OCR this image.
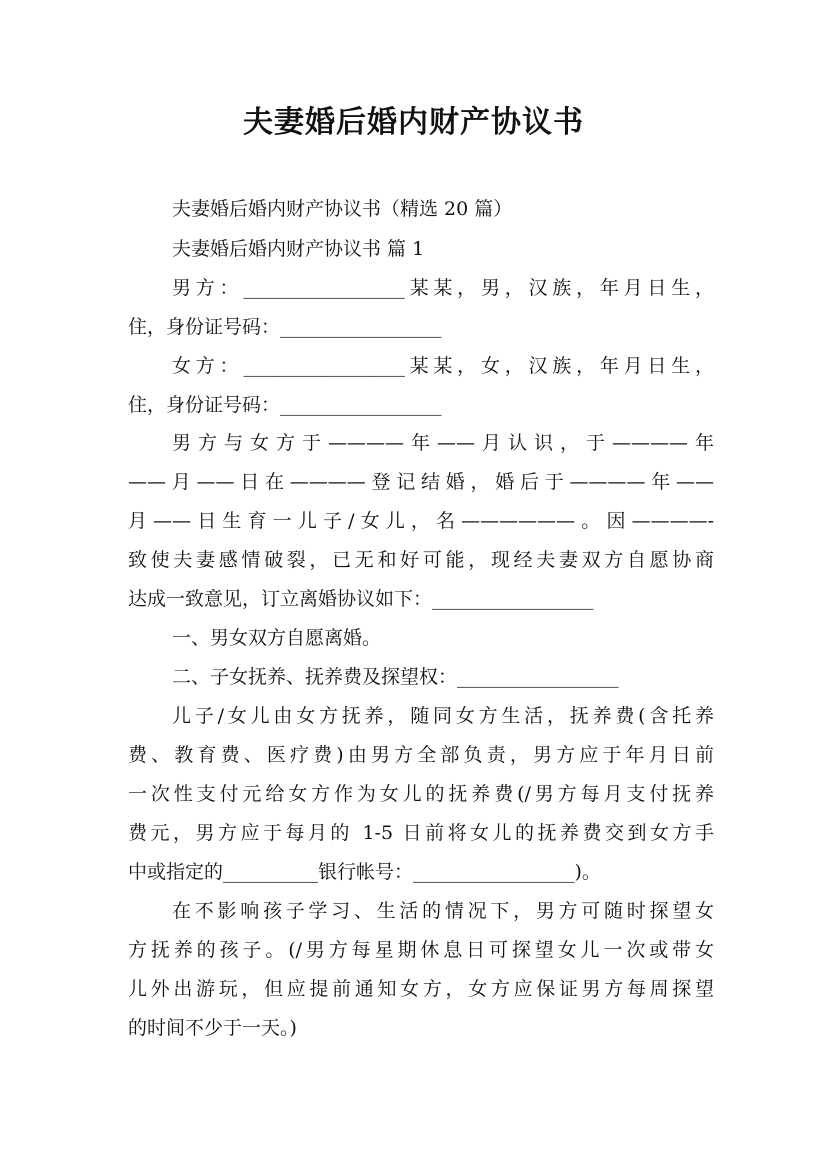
夫妻婚后婚内财产协议书
夫妻婚后婚内财产协议书（精选 20 篇）
夫妻婚后婚内财产协议书 篇 1
男方：_________________某某，男，汉族，年月日生，
住，身份证号码：_________________
女方：_________________某某，女，汉族，年月日生，
住，身份证号码：_________________
男方与女方于————年——月认识，于————年
——月——日在————登记结婚，婚后于————年——
月——日生育一儿子/女儿，名——————。因————-
致使夫妻感情破裂，已无和好可能，现经夫妻双方自愿协商
达成一致意见，订立离婚协议如下：_________________
一、男女双方自愿离婚。
二、子女抚养、抚养费及探望权：_________________
儿子/女儿由女方抚养，随同女方生活，抚养费(含托养
费、教育费、医疗费)由男方全部负责，男方应于年月日前
一次性支付元给女方作为女儿的抚养费(/男方每月支付抚养
费元，男方应于每月的 1-5 日前将女儿的抚养费交到女方手
中或指定的__________银行帐号：_________________)。
在不影响孩子学习、生活的情况下，男方可随时探望女
方抚养的孩子。(/男方每星期休息日可探望女儿一次或带女
儿外出游玩，但应提前通知女方，女方应保证男方每周探望
的时间不少于一天。)
